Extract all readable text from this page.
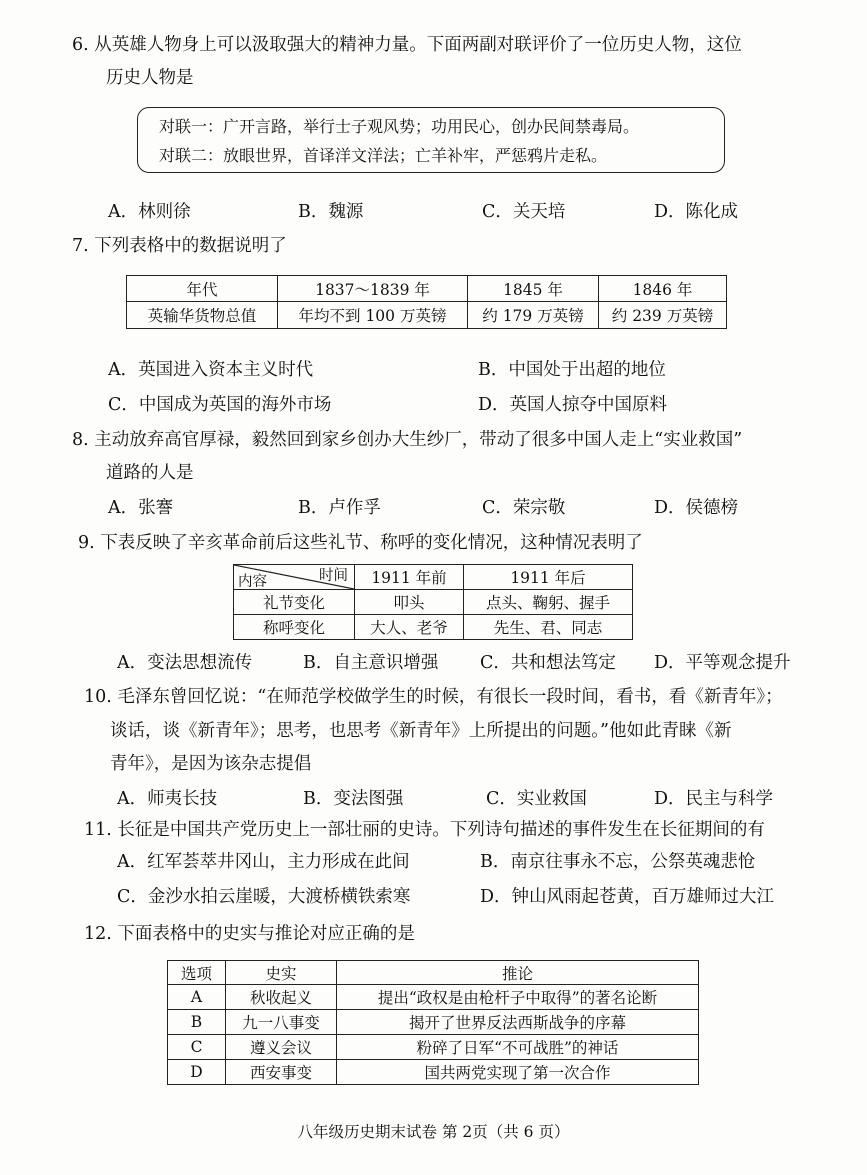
6. 从英雄人物身上可以汲取强大的精神力量。下面两副对联评价了一位历史人物，这位
历史人物是
对联一：广开言路，举行士子观风势；功用民心，创办民间禁毒局。
对联二：放眼世界，首译洋文洋法；亡羊补牢，严惩鸦片走私。
A．林则徐	B．魏源	C．关天培	D．陈化成
7. 下列表格中的数据说明了
年代	1837～1839 年	1845 年	1846 年
英输华货物总值	年均不到 100 万英镑	约 179 万英镑	约 239 万英镑
A．英国进入资本主义时代	B．中国处于出超的地位
C．中国成为英国的海外市场	D．英国人掠夺中国原料
8. 主动放弃高官厚禄，毅然回到家乡创办大生纱厂，带动了很多中国人走上“实业救国”
道路的人是
A．张謇	B．卢作孚	C．荣宗敬	D．侯德榜
9. 下表反映了辛亥革命前后这些礼节、称呼的变化情况，这种情况表明了
时间
内容	1911 年前	1911 年后
礼节变化	叩头	点头、鞠躬、握手
称呼变化	大人、老爷	先生、君、同志
A．变法思想流传	B．自主意识增强 C．共和想法笃定 D．平等观念提升
10. 毛泽东曾回忆说：“在师范学校做学生的时候，有很长一段时间，看书，看《新青年》；
谈话，谈《新青年》；思考，也思考《新青年》上所提出的问题。”他如此青睐《新
青年》，是因为该杂志提倡
A．师夷长技	B．变法图强	C．实业救国	D．民主与科学
11. 长征是中国共产党历史上一部壮丽的史诗。下列诗句描述的事件发生在长征期间的有
A．红军荟萃井冈山，主力形成在此间	B．南京往事永不忘，公祭英魂悲怆
C．金沙水拍云崖暖，大渡桥横铁索寒	D．钟山风雨起苍黄，百万雄师过大江
12. 下面表格中的史实与推论对应正确的是
选项	史实	推论
A	秋收起义	提出“政权是由枪杆子中取得”的著名论断
B	九一八事变	揭开了世界反法西斯战争的序幕
C	遵义会议	粉碎了日军“不可战胜”的神话
D	西安事变	国共两党实现了第一次合作
八年级历史期末试卷 第 2页（共 6 页）
